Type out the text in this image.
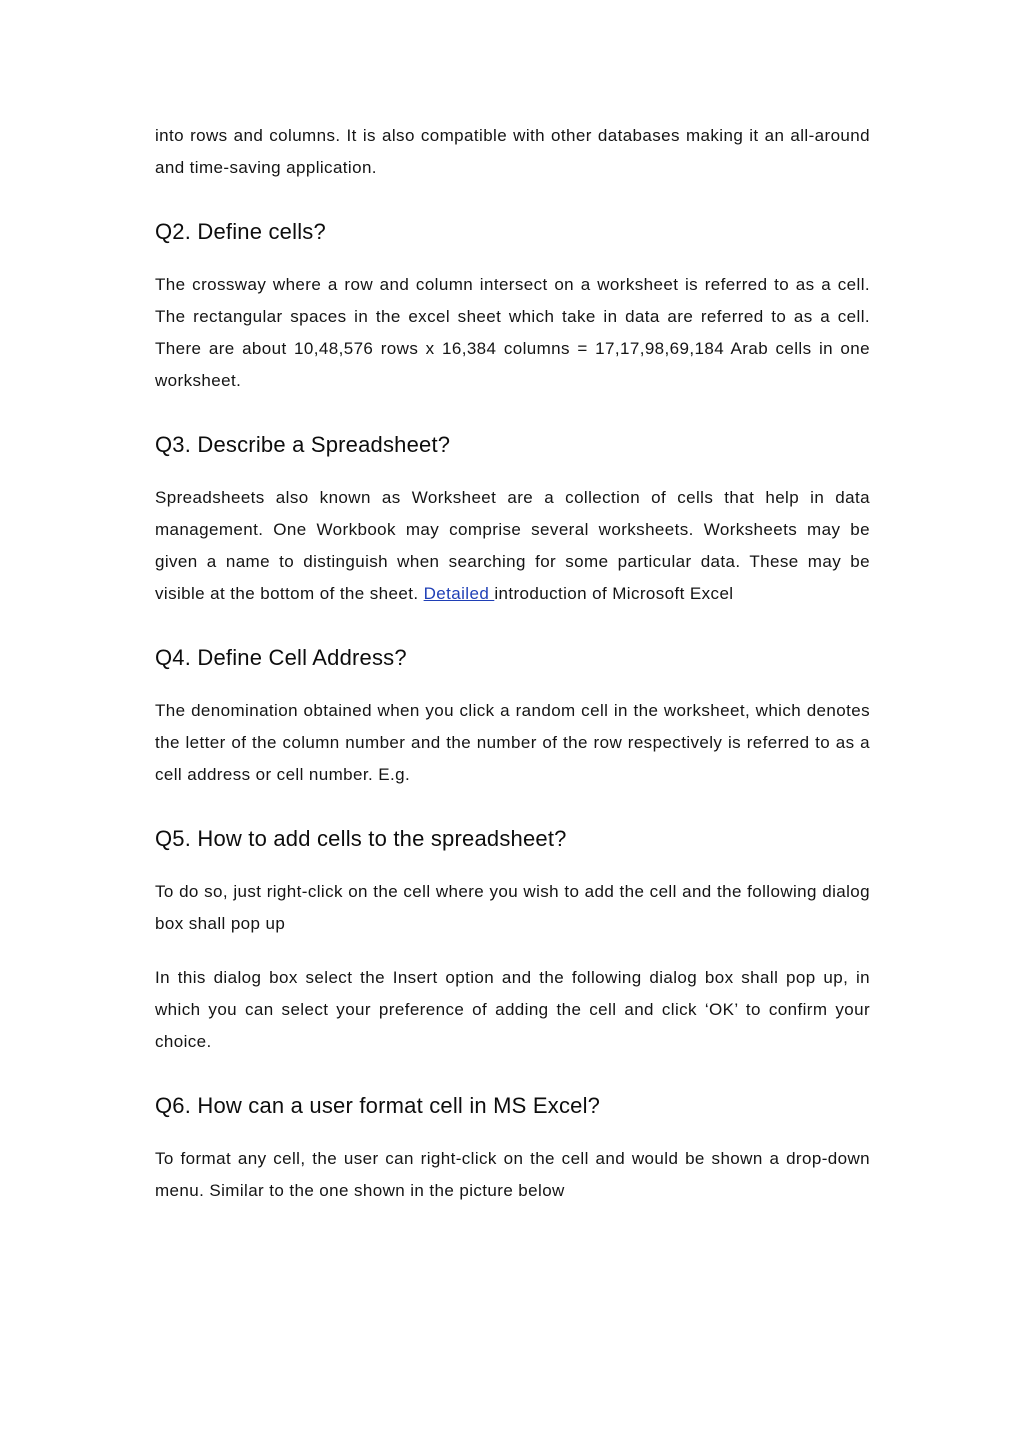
into rows and columns. It is also compatible with other databases making it an all-around and time-saving application.

Q2. Define cells?

The crossway where a row and column intersect on a worksheet is referred to as a cell. The rectangular spaces in the excel sheet which take in data are referred to as a cell. There are about 10,48,576 rows x 16,384 columns = 17,17,98,69,184 Arab cells in one worksheet.

Q3. Describe a Spreadsheet?

Spreadsheets also known as Worksheet are a collection of cells that help in data management. One Workbook may comprise several worksheets. Worksheets may be given a name to distinguish when searching for some particular data. These may be visible at the bottom of the sheet. Detailed introduction of Microsoft Excel

Q4. Define Cell Address?

The denomination obtained when you click a random cell in the worksheet, which denotes the letter of the column number and the number of the row respectively is referred to as a cell address or cell number. E.g.

Q5. How to add cells to the spreadsheet?

To do so, just right-click on the cell where you wish to add the cell and the following dialog box shall pop up

In this dialog box select the Insert option and the following dialog box shall pop up, in which you can select your preference of adding the cell and click ‘OK’ to confirm your choice.

Q6. How can a user format cell in MS Excel?

To format any cell, the user can right-click on the cell and would be shown a drop-down menu. Similar to the one shown in the picture below
